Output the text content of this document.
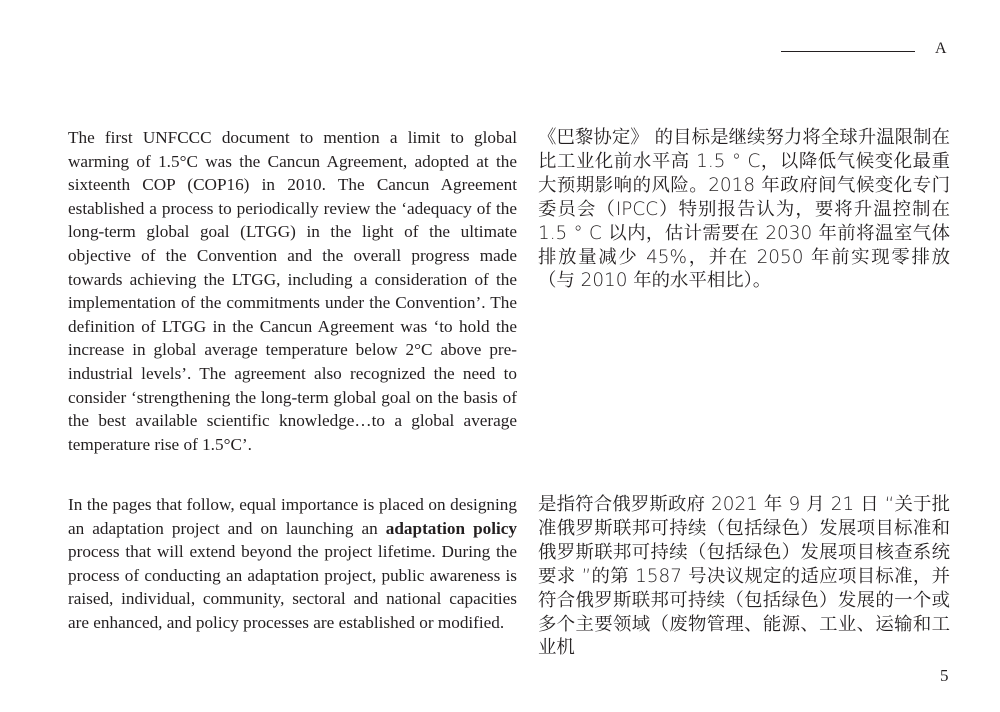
A

The first UNFCCC document to mention a limit to global warming of 1.5°C was the Cancun Agreement, adopted at the sixteenth COP (COP16) in 2010. The Cancun Agreement established a process to periodically review the ‘adequacy of the long-term global goal (LTGG) in the light of the ultimate objective of the Convention and the overall progress made towards achieving the LTGG, including a consideration of the implementation of the commitments under the Convention’. The definition of LTGG in the Cancun Agreement was ‘to hold the increase in global average temperature below 2°C above pre-industrial levels’. The agreement also recognized the need to consider ‘strengthening the long-term global goal on the basis of the best available scientific knowledge…to a global average temperature rise of 1.5°C’.

In the pages that follow, equal importance is placed on designing an adaptation project and on launching an adaptation policy process that will extend beyond the project lifetime. During the process of conducting an adaptation project, public awareness is raised, individual, community, sectoral and national capacities are enhanced, and policy processes are established or modified.

《巴黎协定》 的目标是继续努力将全球升温限制在比工业化前水平高 1.5 ° C，以降低气候变化最重大预期影响的风险。2018 年政府间气候变化专门委员会（IPCC）特别报告认为，要将升温控制在 1.5 ° C 以内，估计需要在 2030 年前将温室气体排放量减少 45%，并在 2050 年前实现零排放（与 2010 年的水平相比）。

是指符合俄罗斯政府 2021 年 9 月 21 日 “关于批准俄罗斯联邦可持续（包括绿色）发展项目标准和俄罗斯联邦可持续（包括绿色）发展项目核查系统要求 ”的第 1587 号决议规定的适应项目标准，并符合俄罗斯联邦可持续（包括绿色）发展的一个或多个主要领域（废物管理、能源、工业、运输和工业机

5
